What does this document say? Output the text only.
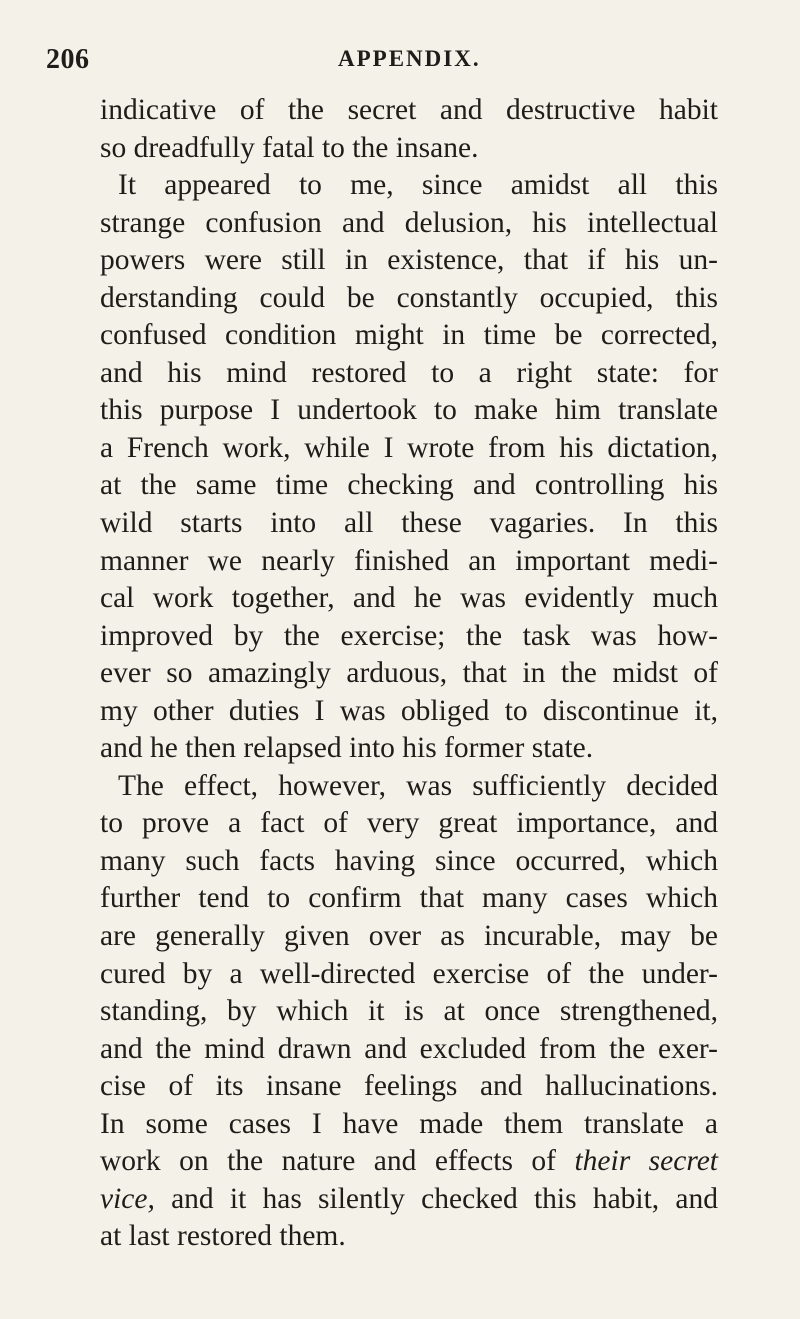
206	APPENDIX.
indicative of the secret and destructive habit
so dreadfully fatal to the insane.
It appeared to me, since amidst all this
strange confusion and delusion, his intellectual
powers were still in existence, that if his un-
derstanding could be constantly occupied, this
confused condition might in time be corrected,
and his mind restored to a right state: for
this purpose I undertook to make him translate
a French work, while I wrote from his dictation,
at the same time checking and controlling his
wild starts into all these vagaries. In this
manner we nearly finished an important medi-
cal work together, and he was evidently much
improved by the exercise; the task was how-
ever so amazingly arduous, that in the midst of
my other duties I was obliged to discontinue it,
and he then relapsed into his former state.
The effect, however, was sufficiently decided
to prove a fact of very great importance, and
many such facts having since occurred, which
further tend to confirm that many cases which
are generally given over as incurable, may be
cured by a well-directed exercise of the under-
standing, by which it is at once strengthened,
and the mind drawn and excluded from the exer-
cise of its insane feelings and hallucinations.
In some cases I have made them translate a
work on the nature and effects of their secret
vice, and it has silently checked this habit, and
at last restored them.
